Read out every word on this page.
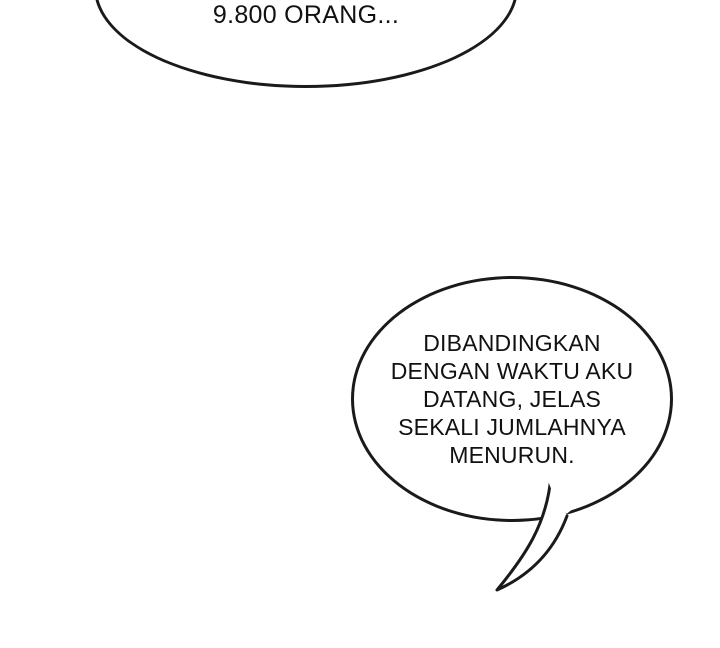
9.800 ORANG...
DIBANDINGKAN
DENGAN WAKTU AKU
DATANG, JELAS
SEKALI JUMLAHNYA
MENURUN.
